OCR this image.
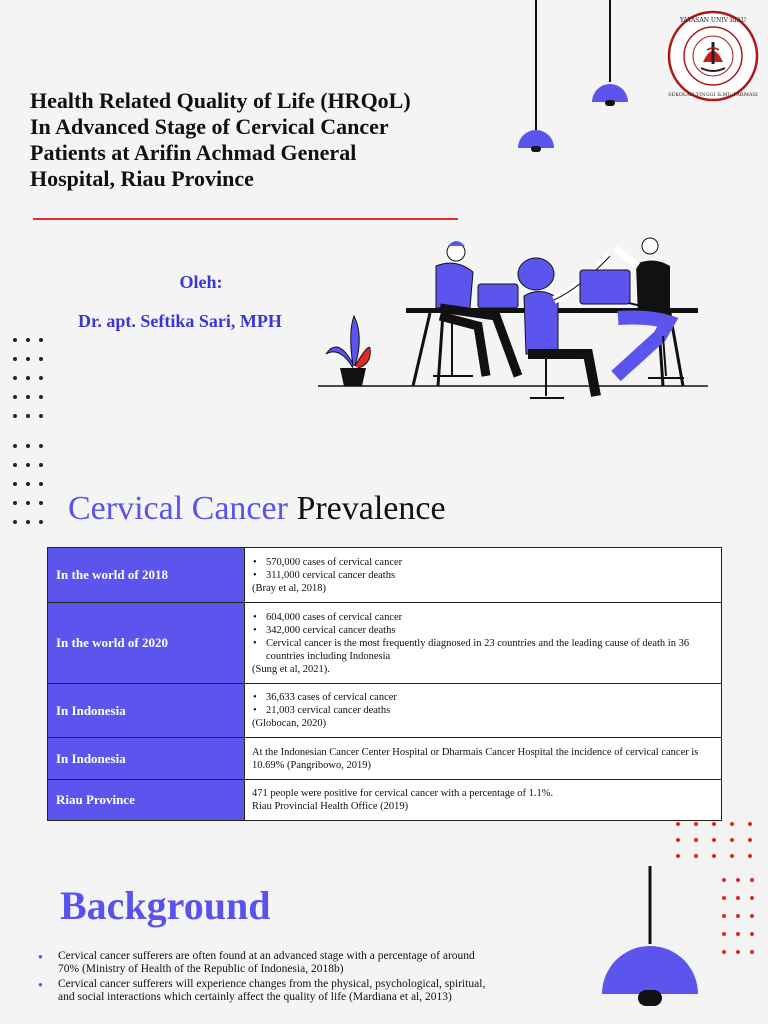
YAYASAN UNIV RIAU
SEKOLAH TINGGI ILMU FARMASI
Health Related Quality of Life (HRQoL)
In Advanced Stage of Cervical Cancer
Patients at Arifin Achmad General
Hospital, Riau Province
Oleh:
Dr. apt. Seftika Sari, MPH
Cervical Cancer Prevalence
In the world of 2018	• 570,000 cases of cervical cancer
• 311,000 cervical cancer deaths
(Bray et al, 2018)

In the world of 2020	• 604,000 cases of cervical cancer
• 342,000 cervical cancer deaths
• Cervical cancer is the most frequently diagnosed in 23 countries and the leading cause of death in 36 countries including Indonesia
(Sung et al, 2021).

In Indonesia	• 36,633 cases of cervical cancer
• 21,003 cervical cancer deaths
(Globocan, 2020)

In Indonesia	At the Indonesian Cancer Center Hospital or Dharmais Cancer Hospital the incidence of cervical cancer is 10.69% (Pangribowo, 2019)

Riau Province	471 people were positive for cervical cancer with a percentage of 1.1%.
Riau Provincial Health Office (2019)
Background
● Cervical cancer sufferers are often found at an advanced stage with a percentage of around 70% (Ministry of Health of the Republic of Indonesia, 2018b)
● Cervical cancer sufferers will experience changes from the physical, psychological, spiritual, and social interactions which certainly affect the quality of life (Mardiana et al, 2013)
